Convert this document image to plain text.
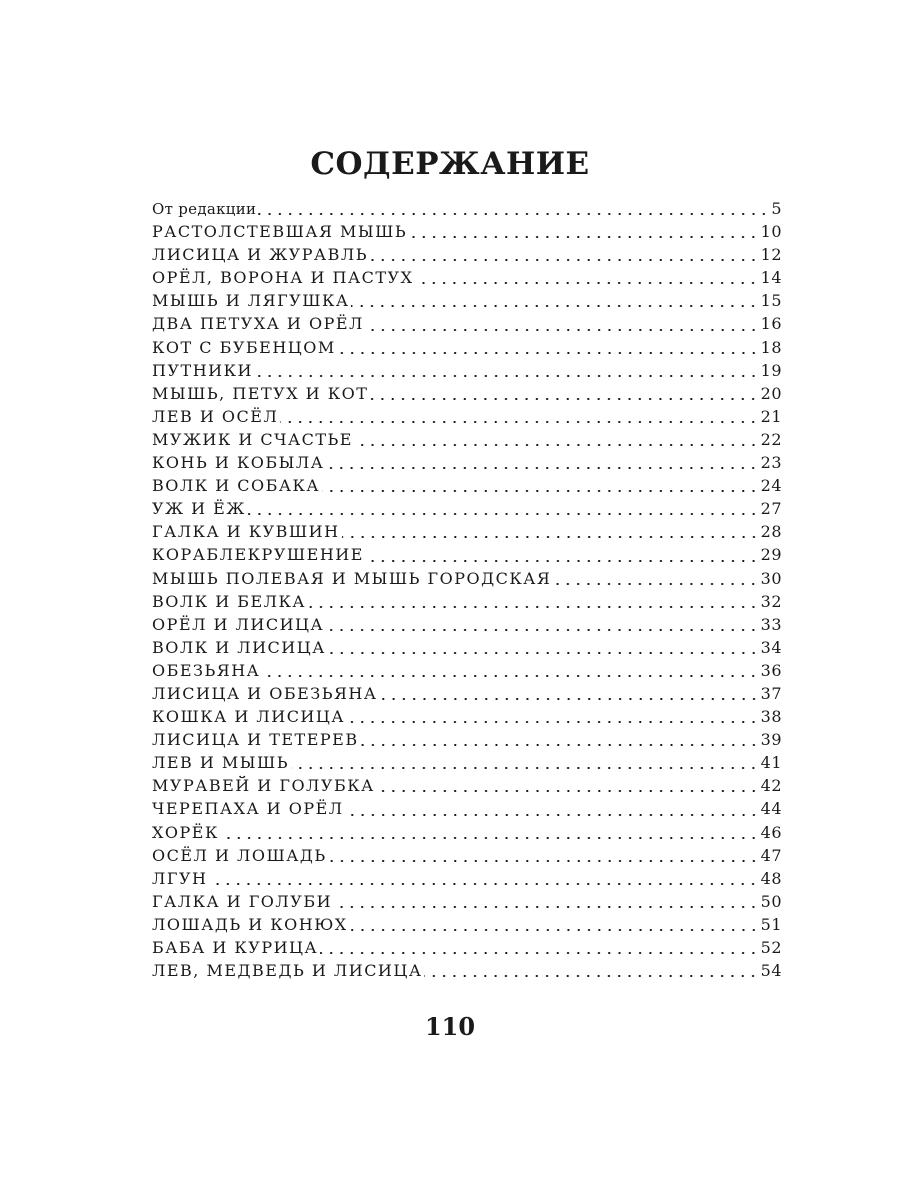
СОДЕРЖАНИЕ
От редакции	5
РАСТОЛСТЕВШАЯ МЫШЬ	10
ЛИСИЦА И ЖУРАВЛЬ	12
ОРЁЛ, ВОРОНА И ПАСТУХ	14
МЫШЬ И ЛЯГУШКА	15
ДВА ПЕТУХА И ОРЁЛ	16
КОТ С БУБЕНЦОМ	18
ПУТНИКИ	19
МЫШЬ, ПЕТУХ И КОТ	20
ЛЕВ И ОСЁЛ	21
МУЖИК И СЧАСТЬЕ	22
КОНЬ И КОБЫЛА	23
ВОЛК И СОБАКА	24
УЖ И ЁЖ	27
ГАЛКА И КУВШИН	28
КОРАБЛЕКРУШЕНИЕ	29
МЫШЬ ПОЛЕВАЯ И МЫШЬ ГОРОДСКАЯ	30
ВОЛК И БЕЛКА	32
ОРЁЛ И ЛИСИЦА	33
ВОЛК И ЛИСИЦА	34
ОБЕЗЬЯНА	36
ЛИСИЦА И ОБЕЗЬЯНА	37
КОШКА И ЛИСИЦА	38
ЛИСИЦА И ТЕТЕРЕВ	39
ЛЕВ И МЫШЬ	41
МУРАВЕЙ И ГОЛУБКА	42
ЧЕРЕПАХА И ОРЁЛ	44
ХОРЁК	46
ОСЁЛ И ЛОШАДЬ	47
ЛГУН	48
ГАЛКА И ГОЛУБИ	50
ЛОШАДЬ И КОНЮХ	51
БАБА И КУРИЦА	52
ЛЕВ, МЕДВЕДЬ И ЛИСИЦА	54
110
